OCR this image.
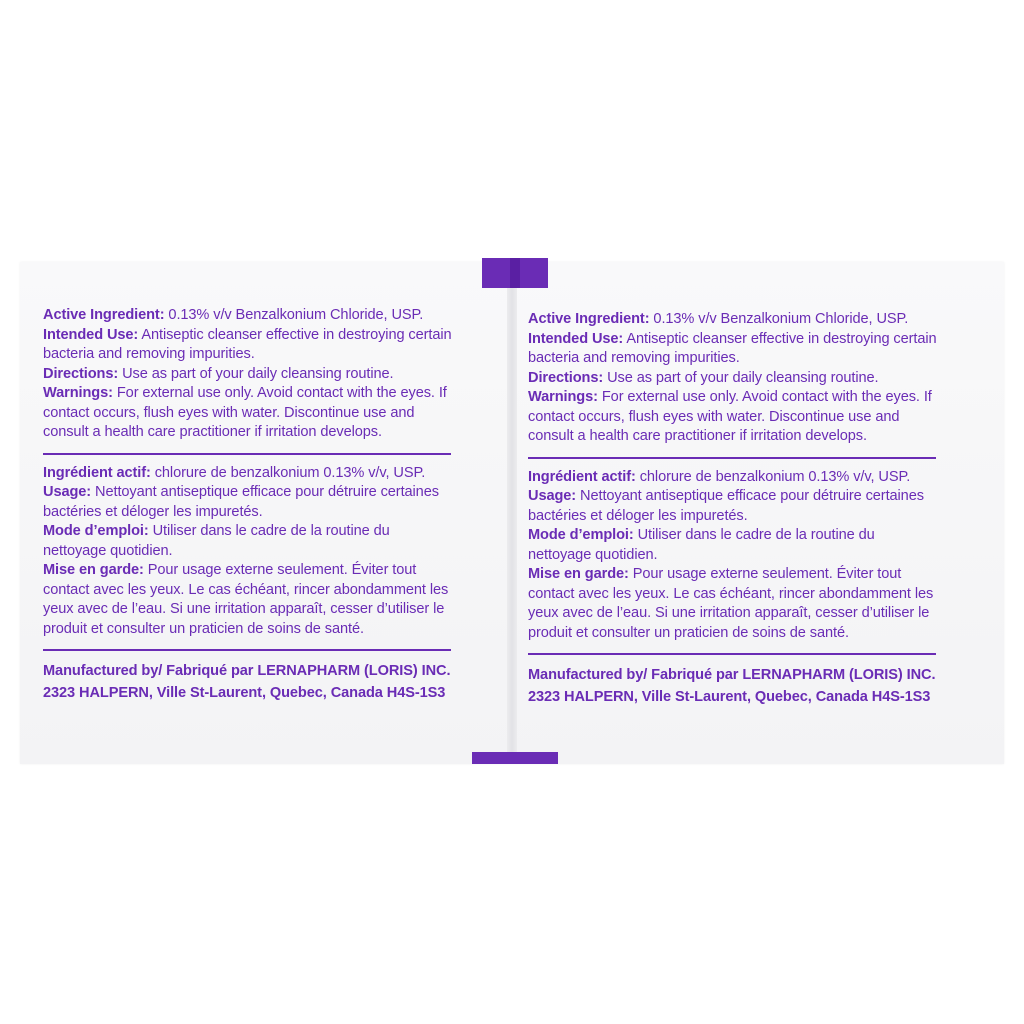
Active Ingredient: 0.13% v/v Benzalkonium Chloride, USP.

Intended Use: Antiseptic cleanser effective in destroying certain bacteria and removing impurities.

Directions: Use as part of your daily cleansing routine.

Warnings: For external use only. Avoid contact with the eyes. If contact occurs, flush eyes with water. Discontinue use and consult a health care practitioner if irritation develops.

Ingrédient actif: chlorure de benzalkonium 0.13% v/v, USP.

Usage: Nettoyant antiseptique efficace pour détruire certaines bactéries et déloger les impuretés.

Mode d’emploi: Utiliser dans le cadre de la routine du nettoyage quotidien.

Mise en garde: Pour usage externe seulement. Éviter tout contact avec les yeux. Le cas échéant, rincer abondamment les yeux avec de l’eau. Si une irritation apparaît, cesser d’utiliser le produit et consulter un praticien de soins de santé.

Manufactured by/ Fabriqué par LERNAPHARM (LORIS) INC.

2323 HALPERN, Ville St-Laurent, Quebec, Canada H4S-1S3

Active Ingredient: 0.13% v/v Benzalkonium Chloride, USP.

Intended Use: Antiseptic cleanser effective in destroying certain bacteria and removing impurities.

Directions: Use as part of your daily cleansing routine.

Warnings: For external use only. Avoid contact with the eyes. If contact occurs, flush eyes with water. Discontinue use and consult a health care practitioner if irritation develops.

Ingrédient actif: chlorure de benzalkonium 0.13% v/v, USP.

Usage: Nettoyant antiseptique efficace pour détruire certaines bactéries et déloger les impuretés.

Mode d’emploi: Utiliser dans le cadre de la routine du nettoyage quotidien.

Mise en garde: Pour usage externe seulement. Éviter tout contact avec les yeux. Le cas échéant, rincer abondamment les yeux avec de l’eau. Si une irritation apparaît, cesser d’utiliser le produit et consulter un praticien de soins de santé.

Manufactured by/ Fabriqué par LERNAPHARM (LORIS) INC.

2323 HALPERN, Ville St-Laurent, Quebec, Canada H4S-1S3
